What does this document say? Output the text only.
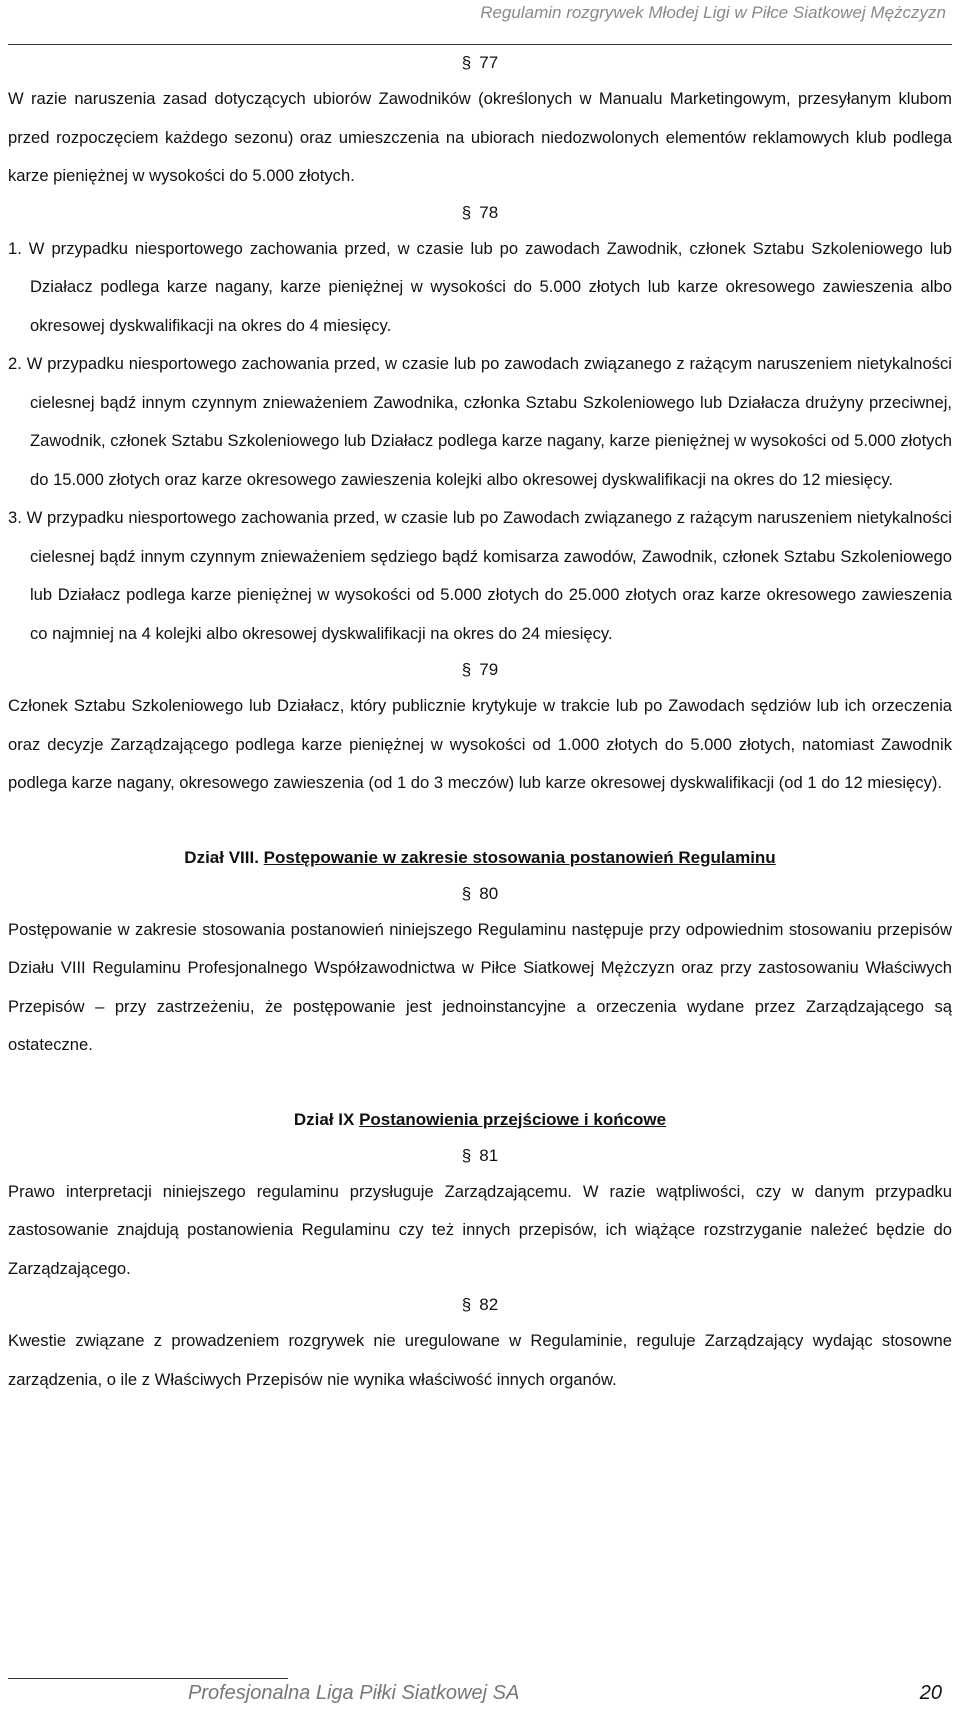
Regulamin rozgrywek Młodej Ligi w Piłce Siatkowej Mężczyzn
§ 77

W razie naruszenia zasad dotyczących ubiorów Zawodników (określonych w Manualu Marketingowym, przesyłanym klubom przed rozpoczęciem każdego sezonu) oraz umieszczenia na ubiorach niedozwolonych elementów reklamowych klub podlega karze pieniężnej w wysokości do 5.000 złotych.

§ 78

1. W przypadku niesportowego zachowania przed, w czasie lub po zawodach Zawodnik, członek Sztabu Szkoleniowego lub Działacz podlega karze nagany, karze pieniężnej w wysokości do 5.000 złotych lub karze okresowego zawieszenia albo okresowej dyskwalifikacji na okres do 4 miesięcy.

2. W przypadku niesportowego zachowania przed, w czasie lub po zawodach związanego z rażącym naruszeniem nietykalności cielesnej bądź innym czynnym znieważeniem Zawodnika, członka Sztabu Szkoleniowego lub Działacza drużyny przeciwnej, Zawodnik, członek Sztabu Szkoleniowego lub Działacz podlega karze nagany, karze pieniężnej w wysokości od 5.000 złotych do 15.000 złotych oraz karze okresowego zawieszenia kolejki albo okresowej dyskwalifikacji na okres do 12 miesięcy.

3. W przypadku niesportowego zachowania przed, w czasie lub po Zawodach związanego z rażącym naruszeniem nietykalności cielesnej bądź innym czynnym znieważeniem sędziego bądź komisarza zawodów, Zawodnik, członek Sztabu Szkoleniowego lub Działacz podlega karze pieniężnej w wysokości od 5.000 złotych do 25.000 złotych oraz karze okresowego zawieszenia co najmniej na 4 kolejki albo okresowej dyskwalifikacji na okres do 24 miesięcy.

§ 79

Członek Sztabu Szkoleniowego lub Działacz, który publicznie krytykuje w trakcie lub po Zawodach sędziów lub ich orzeczenia oraz decyzje Zarządzającego podlega karze pieniężnej w wysokości od 1.000 złotych do 5.000 złotych, natomiast Zawodnik podlega karze nagany, okresowego zawieszenia (od 1 do 3 meczów) lub karze okresowej dyskwalifikacji (od 1 do 12 miesięcy).

Dział VIII. Postępowanie w zakresie stosowania postanowień Regulaminu

§ 80

Postępowanie w zakresie stosowania postanowień niniejszego Regulaminu następuje przy odpowiednim stosowaniu przepisów Działu VIII Regulaminu Profesjonalnego Współzawodnictwa w Piłce Siatkowej Mężczyzn oraz przy zastosowaniu Właściwych Przepisów – przy zastrzeżeniu, że postępowanie jest jednoinstancyjne a orzeczenia wydane przez Zarządzającego są ostateczne.

Dział IX Postanowienia przejściowe i końcowe

§ 81

Prawo interpretacji niniejszego regulaminu przysługuje Zarządzającemu. W razie wątpliwości, czy w danym przypadku zastosowanie znajdują postanowienia Regulaminu czy też innych przepisów, ich wiążące rozstrzyganie należeć będzie do Zarządzającego.

§ 82

Kwestie związane z prowadzeniem rozgrywek nie uregulowane w Regulaminie, reguluje Zarządzający wydając stosowne zarządzenia, o ile z Właściwych Przepisów nie wynika właściwość innych organów.

Profesjonalna Liga Piłki Siatkowej SA	20
